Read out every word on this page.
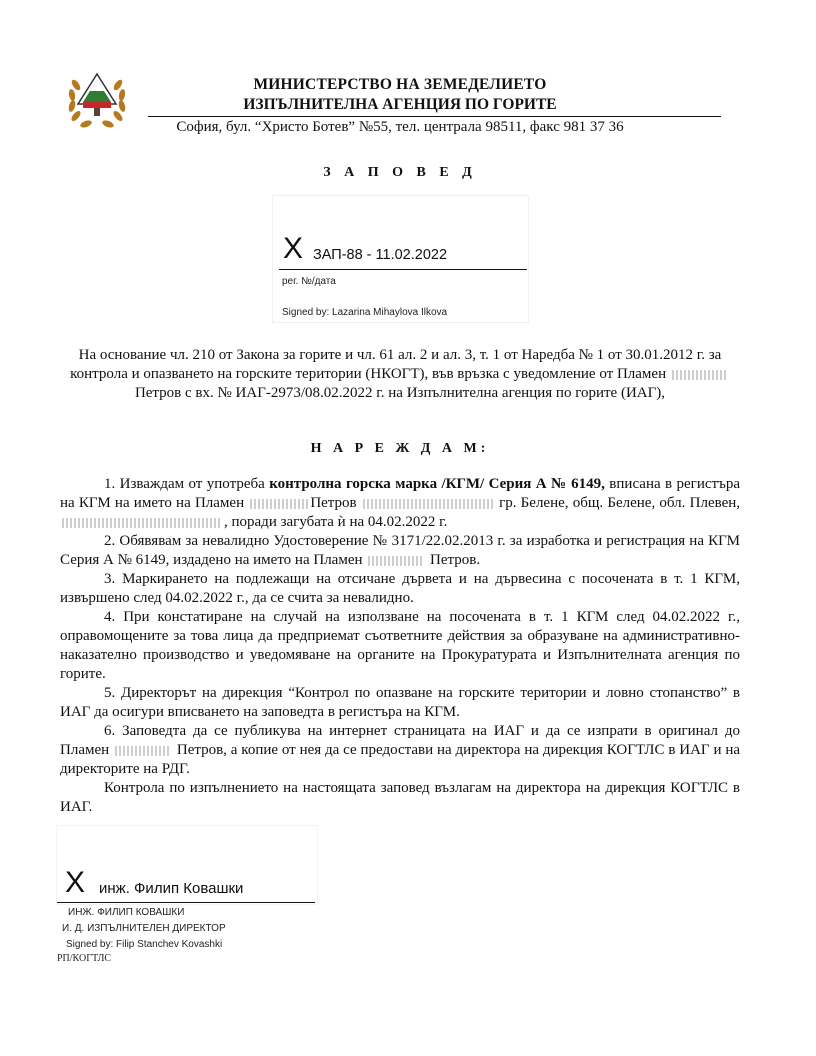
МИНИСТЕРСТВО НА ЗЕМЕДЕЛИЕТО
ИЗПЪЛНИТЕЛНА АГЕНЦИЯ ПО ГОРИТЕ
София, бул. “Христо Ботев” №55, тел. централа 98511, факс 981 37 36
З А П О В Е Д
X ЗАП-88 - 11.02.2022
рег. №/дата
Signed by: Lazarina Mihaylova Ilkova
На основание чл. 210 от Закона за горите и чл. 61 ал. 2 и ал. 3, т. 1 от Наредба № 1 от 30.01.2012 г. за контрола и опазването на горските територии (НКОГТ), във връзка с уведомление от Пламен  Петров с вх. № ИАГ-2973/08.02.2022 г. на Изпълнителна агенция по горите (ИАГ),
Н А Р Е Ж Д А М:

1. Изваждам от употреба контролна горска марка /КГМ/ Серия А № 6149, вписана в регистъра на КГМ на името на Пламен	Петров	гр. Белене, общ. Белене, обл. Плевен, , поради загубата ѝ на 04.02.2022 г.

2. Обявявам за невалидно Удостоверение № 3171/22.02.2013 г. за изработка и регистрация на КГМ Серия А № 6149, издадено на името на Пламен	Петров.

3. Маркирането на подлежащи на отсичане дървета и на дървесина с посочената в т. 1 КГМ, извършено след 04.02.2022 г., да се счита за невалидно.

4. При констатиране на случай на използване на посочената в т. 1 КГМ след 04.02.2022 г., оправомощените за това лица да предприемат съответните действия за образуване на административно-наказателно производство и уведомяване на органите на Прокуратурата и Изпълнителната агенция по горите.

5. Директорът на дирекция “Контрол по опазване на горските територии и ловно стопанство” в ИАГ да осигури вписването на заповедта в регистъра на КГМ.

6. Заповедта да се публикува на интернет страницата на ИАГ и да се изпрати в оригинал до Пламен	Петров, а копие от нея да се предостави на директора на дирекция КОГТЛС в ИАГ и на директорите на РДГ.

Контрола по изпълнението на настоящата заповед възлагам на директора на дирекция КОГТЛС в ИАГ.

X инж. Филип Ковашки
ИНЖ. ФИЛИП КОВАШКИ
И. Д. ИЗПЪЛНИТЕЛЕН ДИРЕКТОР
Signed by: Filip Stanchev Kovashki
РП/КОГТЛС
